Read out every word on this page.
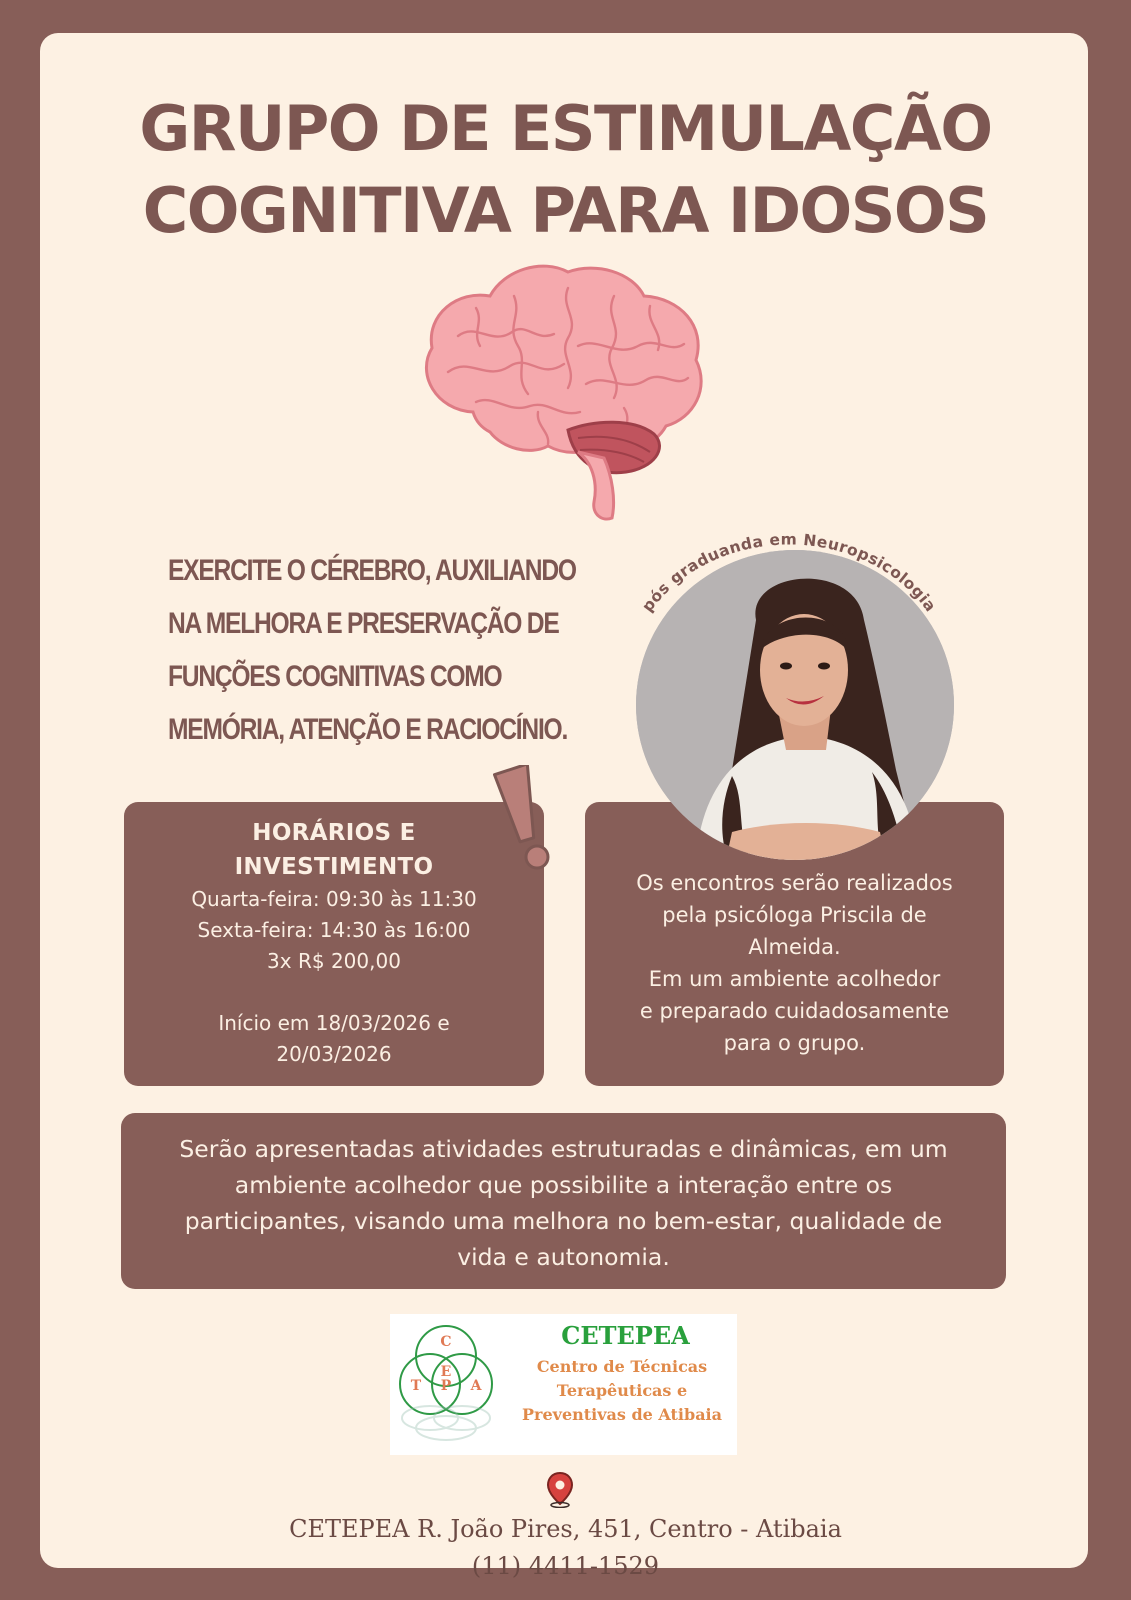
GRUPO DE ESTIMULAÇÃO
COGNITIVA PARA IDOSOS
EXERCITE O CÉREBRO, AUXILIANDO
NA MELHORA E PRESERVAÇÃO DE
FUNÇÕES COGNITIVAS COMO
MEMÓRIA, ATENÇÃO E RACIOCÍNIO.
pós graduanda em Neuropsicologia
HORÁRIOS E
INVESTIMENTO
Quarta-feira: 09:30 às 11:30
Sexta-feira: 14:30 às 16:00
3x R$ 200,00
Início em 18/03/2026 e
20/03/2026
Os encontros serão realizados
pela psicóloga Priscila de
Almeida.
Em um ambiente acolhedor
e preparado cuidadosamente
para o grupo.
Serão apresentadas atividades estruturadas e dinâmicas, em um
ambiente acolhedor que possibilite a interação entre os
participantes, visando uma melhora no bem-estar, qualidade de
vida e autonomia.
C
E
T P A
CETEPEA
Centro de Técnicas
Terapêuticas e
Preventivas de Atibaia
CETEPEA R. João Pires, 451, Centro - Atibaia
(11) 4411-1529
